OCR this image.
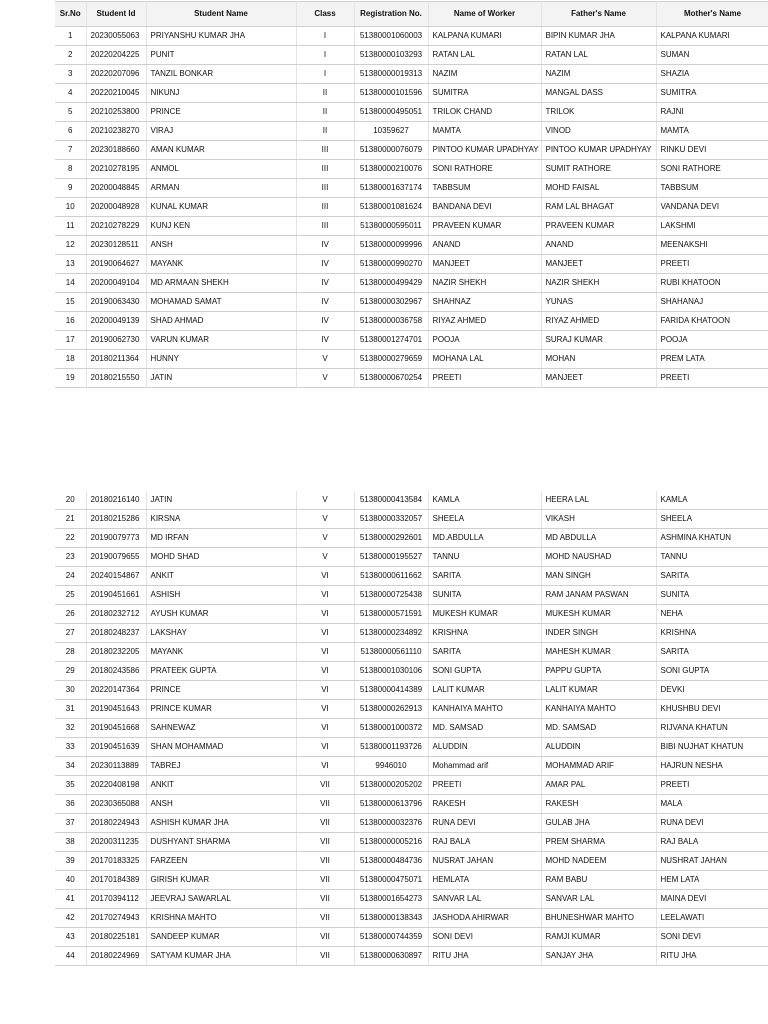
Sr.No	Student Id	Student Name	Class	Registration No.	Name of Worker	Father's Name	Mother's Name
1	20230055063	PRIYANSHU KUMAR JHA	I	51380001060003	KALPANA KUMARI	BIPIN KUMAR JHA	KALPANA KUMARI
2	20220204225	PUNIT	I	51380000103293	RATAN LAL	RATAN LAL	SUMAN
3	20220207096	TANZIL BONKAR	I	51380000019313	NAZIM	NAZIM	SHAZIA
4	20220210045	NIKUNJ	II	51380000101596	SUMITRA	MANGAL DASS	SUMITRA
5	20210253800	PRINCE	II	51380000495051	TRILOK CHAND	TRILOK	RAJNI
6	20210238270	VIRAJ	II	10359627	MAMTA	VINOD	MAMTA
7	20230188660	AMAN KUMAR	III	51380000076079	PINTOO KUMAR UPADHYAY	PINTOO KUMAR UPADHYAY	RINKU DEVI
8	20210278195	ANMOL	III	51380000210076	SONI RATHORE	SUMIT RATHORE	SONI RATHORE
9	20200048845	ARMAN	III	51380001637174	TABBSUM	MOHD FAISAL	TABBSUM
10	20200048928	KUNAL KUMAR	III	51380001081624	BANDANA DEVI	RAM LAL BHAGAT	VANDANA DEVI
11	20210278229	KUNJ KEN	III	51380000595011	PRAVEEN KUMAR	PRAVEEN KUMAR	LAKSHMI
12	20230128511	ANSH	IV	51380000099996	ANAND	ANAND	MEENAKSHI
13	20190064627	MAYANK	IV	51380000990270	MANJEET	MANJEET	PREETI
14	20200049104	MD ARMAAN SHEKH	IV	51380000499429	NAZIR SHEKH	NAZIR SHEKH	RUBI KHATOON
15	20190063430	MOHAMAD SAMAT	IV	51380000302967	SHAHNAZ	YUNAS	SHAHANAJ
16	20200049139	SHAD AHMAD	IV	51380000036758	RIYAZ AHMED	RIYAZ AHMED	FARIDA KHATOON
17	20190062730	VARUN KUMAR	IV	51380001274701	POOJA	SURAJ KUMAR	POOJA
18	20180211364	HUNNY	V	51380000279659	MOHANA LAL	MOHAN	PREM LATA
19	20180215550	JATIN	V	51380000670254	PREETI	MANJEET	PREETI
20	20180216140	JATIN	V	51380000413584	KAMLA	HEERA LAL	KAMLA
21	20180215286	KIRSNA	V	51380000332057	SHEELA	VIKASH	SHEELA
22	20190079773	MD IRFAN	V	51380000292601	MD.ABDULLA	MD ABDULLA	ASHMINA KHATUN
23	20190079655	MOHD SHAD	V	51380000195527	TANNU	MOHD NAUSHAD	TANNU
24	20240154867	ANKIT	VI	51380000611662	SARITA	MAN SINGH	SARITA
25	20190451661	ASHISH	VI	51380000725438	SUNITA	RAM JANAM PASWAN	SUNITA
26	20180232712	AYUSH KUMAR	VI	51380000571591	MUKESH KUMAR	MUKESH KUMAR	NEHA
27	20180248237	LAKSHAY	VI	51380000234892	KRISHNA	INDER SINGH	KRISHNA
28	20180232205	MAYANK	VI	51380000561110	SARITA	MAHESH KUMAR	SARITA
29	20180243586	PRATEEK GUPTA	VI	51380001030106	SONI GUPTA	PAPPU GUPTA	SONI GUPTA
30	20220147364	PRINCE	VI	51380000414389	LALIT KUMAR	LALIT KUMAR	DEVKI
31	20190451643	PRINCE KUMAR	VI	51380000262913	KANHAIYA MAHTO	KANHAIYA MAHTO	KHUSHBU DEVI
32	20190451668	SAHNEWAZ	VI	51380001000372	MD. SAMSAD	MD. SAMSAD	RIJVANA KHATUN
33	20190451639	SHAN MOHAMMAD	VI	51380001193726	ALUDDIN	ALUDDIN	BIBI NUJHAT KHATUN
34	20230113889	TABREJ	VI	9946010	Mohammad arif	MOHAMMAD ARIF	HAJRUN NESHA
35	20220408198	ANKIT	VII	51380000205202	PREETI	AMAR PAL	PREETI
36	20230365088	ANSH	VII	51380000613796	RAKESH	RAKESH	MALA
37	20180224943	ASHISH KUMAR JHA	VII	51380000032376	RUNA DEVI	GULAB JHA	RUNA DEVI
38	20200311235	DUSHYANT SHARMA	VII	51380000005216	RAJ BALA	PREM SHARMA	RAJ BALA
39	20170183325	FARZEEN	VII	51380000484736	NUSRAT JAHAN	MOHD NADEEM	NUSHRAT JAHAN
40	20170184389	GIRISH KUMAR	VII	51380000475071	HEMLATA	RAM BABU	HEM LATA
41	20170394112	JEEVRAJ SAWARLAL	VII	51380001654273	SANVAR LAL	SANVAR LAL	MAINA DEVI
42	20170274943	KRISHNA MAHTO	VII	51380000138343	JASHODA AHIRWAR	BHUNESHWAR MAHTO	LEELAWATI
43	20180225181	SANDEEP KUMAR	VII	51380000744359	SONI DEVI	RAMJI KUMAR	SONI DEVI
44	20180224969	SATYAM KUMAR JHA	VII	51380000630897	RITU JHA	SANJAY JHA	RITU JHA
